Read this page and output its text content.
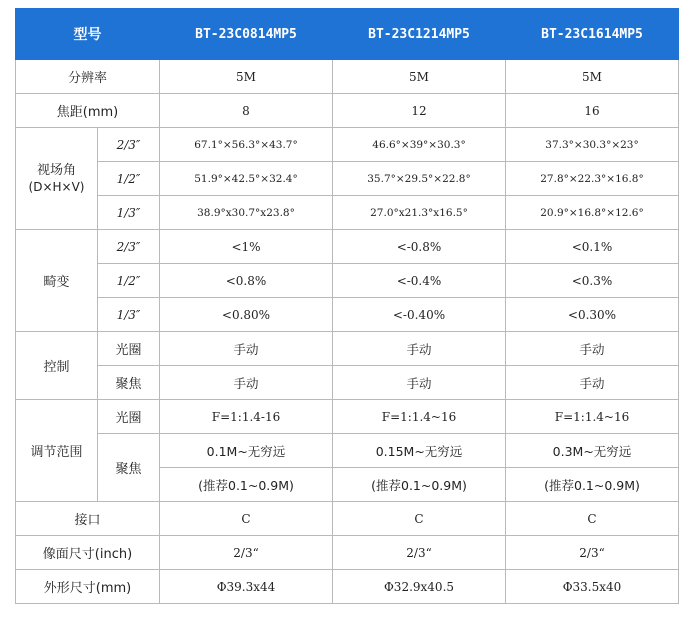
型号		BT-23C0814MP5	BT-23C1214MP5	BT-23C1614MP5
分辨率		5M	5M	5M
焦距(mm)		8	12	16
视场角
(D×H×V)	2/3″	67.1°×56.3°×43.7°	46.6°×39°×30.3°	37.3°×30.3°×23°
	1/2″	51.9°×42.5°×32.4°	35.7°×29.5°×22.8°	27.8°×22.3°×16.8°
	1/3″	38.9°x30.7°x23.8°	27.0°x21.3°x16.5°	20.9°×16.8°×12.6°
畸变	2/3″	<1%	<-0.8%	<0.1%
	1/2″	<0.8%	<-0.4%	<0.3%
	1/3″	<0.80%	<-0.40%	<0.30%
控制	光圈	手动	手动	手动
	聚焦	手动	手动	手动
调节范围	光圈	F=1:1.4-16	F=1:1.4~16	F=1:1.4~16
	聚焦	0.1M~无穷远	0.15M~无穷远	0.3M~无穷远
		(推荐0.1~0.9M)	(推荐0.1~0.9M)	(推荐0.1~0.9M)
接口		C	C	C
像面尺寸(inch)		2/3“	2/3“	2/3“
外形尺寸(mm)		Φ39.3x44	Φ32.9x40.5	Φ33.5x40
